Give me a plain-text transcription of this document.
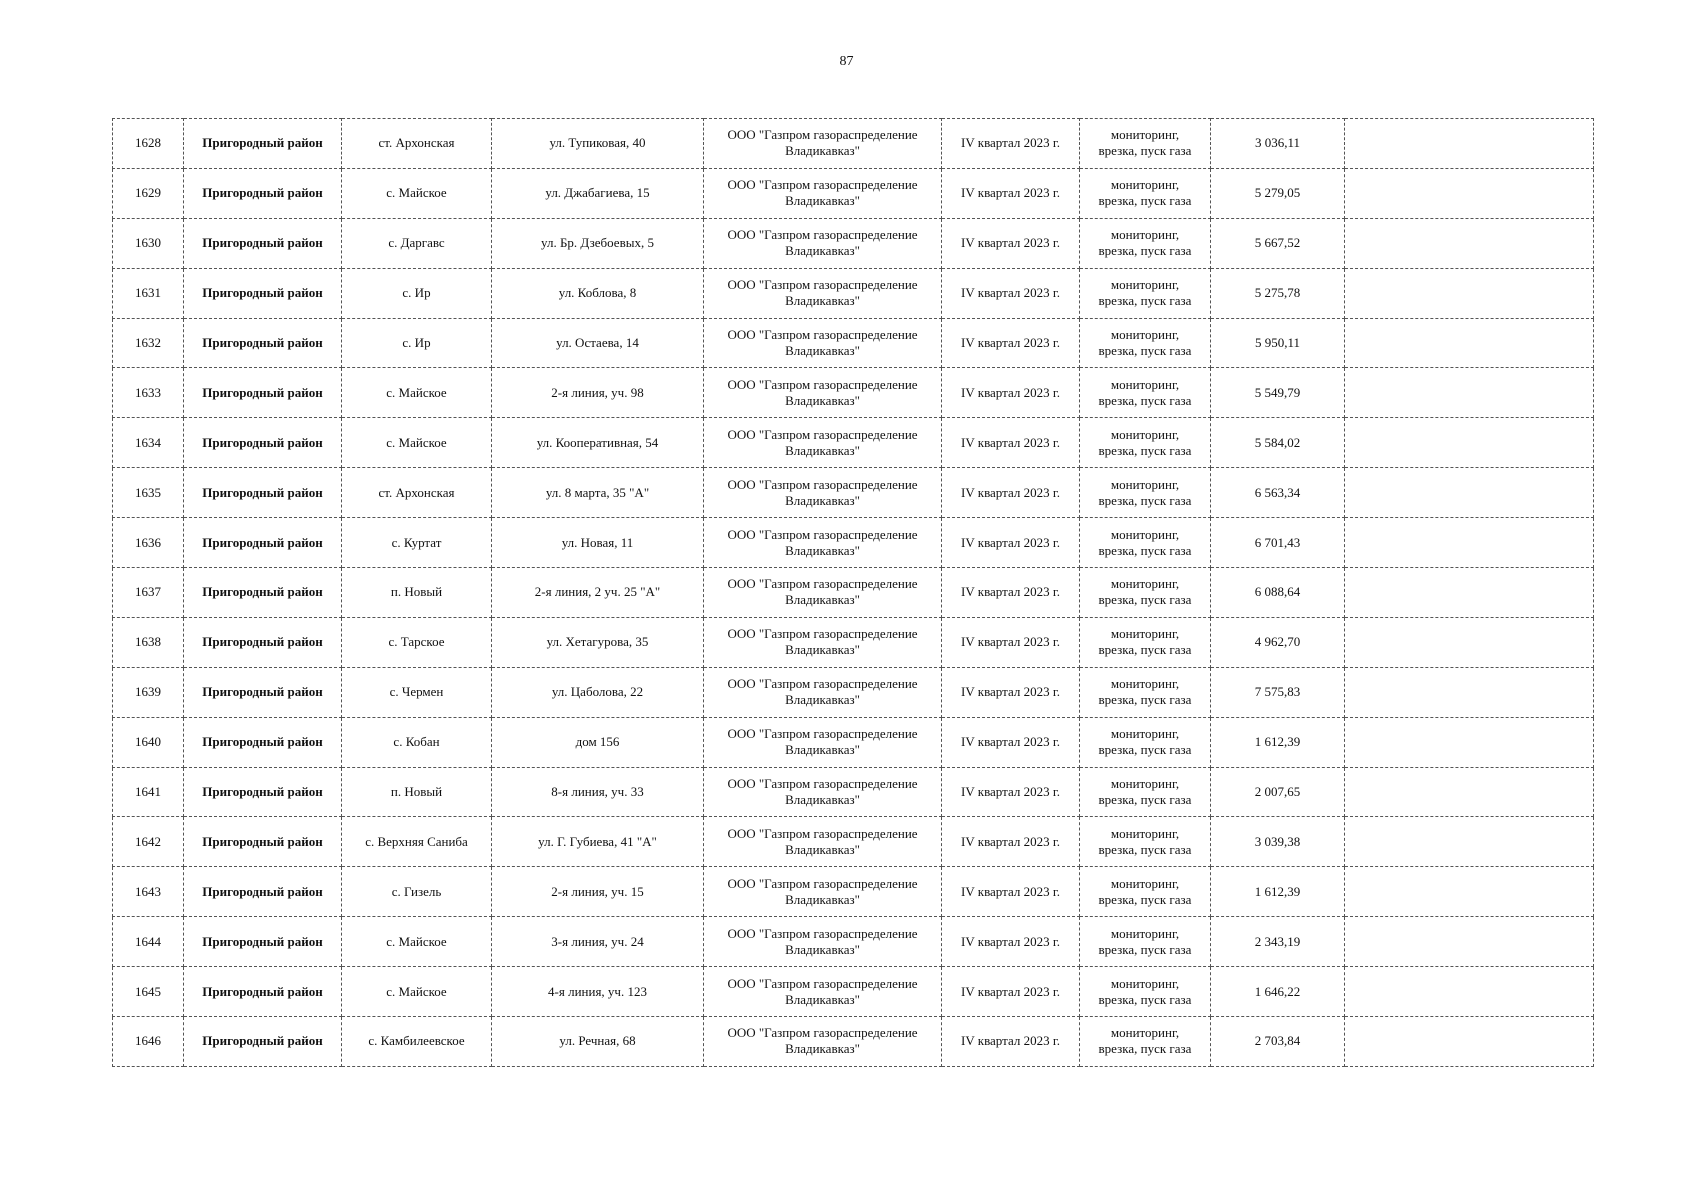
87
1628	Пригородный район	ст. Архонская	ул. Тупиковая, 40	ООО "Газпром газораспределение
Владикавказ"	IV квартал 2023 г.	мониторинг,
врезка, пуск газа	3 036,11	
1629	Пригородный район	с. Майское	ул. Джабагиева, 15	ООО "Газпром газораспределение
Владикавказ"	IV квартал 2023 г.	мониторинг,
врезка, пуск газа	5 279,05	
1630	Пригородный район	с. Даргавс	ул. Бр. Дзебоевых, 5	ООО "Газпром газораспределение
Владикавказ"	IV квартал 2023 г.	мониторинг,
врезка, пуск газа	5 667,52	
1631	Пригородный район	с. Ир	ул. Коблова, 8	ООО "Газпром газораспределение
Владикавказ"	IV квартал 2023 г.	мониторинг,
врезка, пуск газа	5 275,78	
1632	Пригородный район	с. Ир	ул. Остаева, 14	ООО "Газпром газораспределение
Владикавказ"	IV квартал 2023 г.	мониторинг,
врезка, пуск газа	5 950,11	
1633	Пригородный район	с. Майское	2-я линия, уч. 98	ООО "Газпром газораспределение
Владикавказ"	IV квартал 2023 г.	мониторинг,
врезка, пуск газа	5 549,79	
1634	Пригородный район	с. Майское	ул. Кооперативная, 54	ООО "Газпром газораспределение
Владикавказ"	IV квартал 2023 г.	мониторинг,
врезка, пуск газа	5 584,02	
1635	Пригородный район	ст. Архонская	ул. 8 марта, 35 "А"	ООО "Газпром газораспределение
Владикавказ"	IV квартал 2023 г.	мониторинг,
врезка, пуск газа	6 563,34	
1636	Пригородный район	с. Куртат	ул. Новая, 11	ООО "Газпром газораспределение
Владикавказ"	IV квартал 2023 г.	мониторинг,
врезка, пуск газа	6 701,43	
1637	Пригородный район	п. Новый	2-я линия, 2 уч. 25 "А"	ООО "Газпром газораспределение
Владикавказ"	IV квартал 2023 г.	мониторинг,
врезка, пуск газа	6 088,64	
1638	Пригородный район	с. Тарское	ул. Хетагурова, 35	ООО "Газпром газораспределение
Владикавказ"	IV квартал 2023 г.	мониторинг,
врезка, пуск газа	4 962,70	
1639	Пригородный район	с. Чермен	ул. Цаболова, 22	ООО "Газпром газораспределение
Владикавказ"	IV квартал 2023 г.	мониторинг,
врезка, пуск газа	7 575,83	
1640	Пригородный район	с. Кобан	дом 156	ООО "Газпром газораспределение
Владикавказ"	IV квартал 2023 г.	мониторинг,
врезка, пуск газа	1 612,39	
1641	Пригородный район	п. Новый	8-я линия, уч. 33	ООО "Газпром газораспределение
Владикавказ"	IV квартал 2023 г.	мониторинг,
врезка, пуск газа	2 007,65	
1642	Пригородный район	с. Верхняя Саниба	ул. Г. Губиева, 41 "А"	ООО "Газпром газораспределение
Владикавказ"	IV квартал 2023 г.	мониторинг,
врезка, пуск газа	3 039,38	
1643	Пригородный район	с. Гизель	2-я линия, уч. 15	ООО "Газпром газораспределение
Владикавказ"	IV квартал 2023 г.	мониторинг,
врезка, пуск газа	1 612,39	
1644	Пригородный район	с. Майское	3-я линия, уч. 24	ООО "Газпром газораспределение
Владикавказ"	IV квартал 2023 г.	мониторинг,
врезка, пуск газа	2 343,19	
1645	Пригородный район	с. Майское	4-я линия, уч. 123	ООО "Газпром газораспределение
Владикавказ"	IV квартал 2023 г.	мониторинг,
врезка, пуск газа	1 646,22	
1646	Пригородный район	с. Камбилеевское	ул. Речная, 68	ООО "Газпром газораспределение
Владикавказ"	IV квартал 2023 г.	мониторинг,
врезка, пуск газа	2 703,84	
